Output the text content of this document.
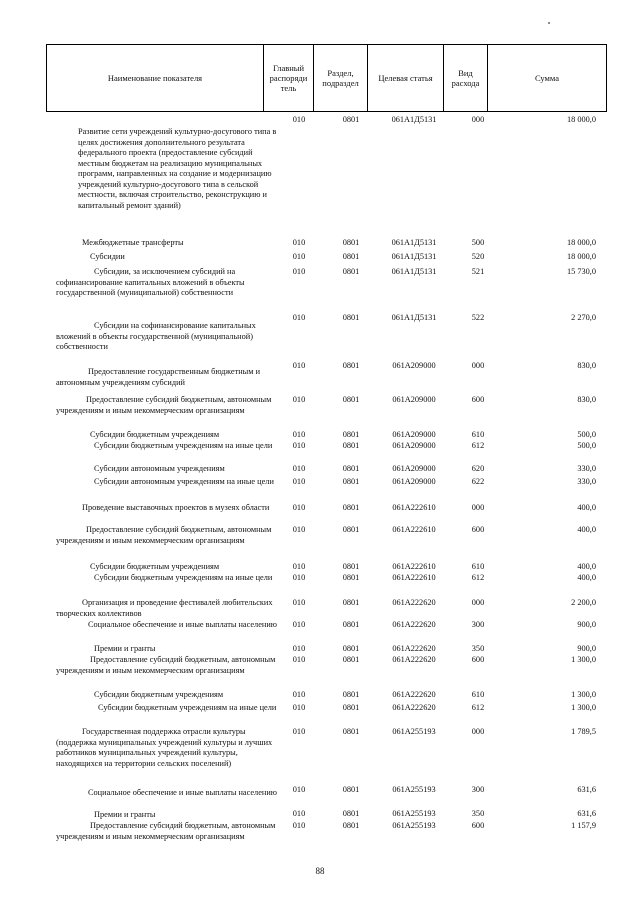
Наименование показателя	Главный распоряди тель	Раздел, подраздел	Целевая статья	Вид расхода	Сумма
Развитие сети учреждений культурно-досугового типа в целях достижения дополнительного результата федерального проекта (предоставление субсидий местным бюджетам на реализацию муниципальных программ, направленных на создание и модернизацию учреждений культурно-досугового типа в сельской местности, включая строительство, реконструкцию и капитальный ремонт зданий)
010	0801	061А1Д5131	000	18 000,0
Межбюджетные трансферты	010	0801	061А1Д5131	500	18 000,0
Субсидии	010	0801	061А1Д5131	520	18 000,0
Субсидии, за исключением субсидий на софинансирование капитальных вложений в объекты государственной (муниципальной) собственности
010	0801	061А1Д5131	521	15 730,0
Субсидии на софинансирование капитальных вложений в объекты государственной (муниципальной) собственности
010	0801	061А1Д5131	522	2 270,0
Предоставление государственным бюджетным и автономным учреждениям субсидий
010	0801	061А209000	000	830,0
Предоставление субсидий бюджетным, автономным учреждениям и иным некоммерческим организациям
010	0801	061А209000	600	830,0
Субсидии бюджетным учреждениям	010	0801	061А209000	610	500,0
Субсидии бюджетным учреждениям на иные цели	010	0801	061А209000	612	500,0
Субсидии автономным учреждениям	010	0801	061А209000	620	330,0
Субсидии автономным учреждениям на иные цели	010	0801	061А209000	622	330,0
Проведение выставочных проектов в музеях области	010	0801	061А222610	000	400,0
Предоставление субсидий бюджетным, автономным учреждениям и иным некоммерческим организациям
010	0801	061А222610	600	400,0
Субсидии бюджетным учреждениям	010	0801	061А222610	610	400,0
Субсидии бюджетным учреждениям на иные цели	010	0801	061А222610	612	400,0
Организация и проведение фестивалей любительских творческих коллективов
010	0801	061А222620	000	2 200,0
Социальное обеспечение и иные выплаты населению	010	0801	061А222620	300	900,0
Премии и гранты	010	0801	061А222620	350	900,0
Предоставление субсидий бюджетным, автономным учреждениям и иным некоммерческим организациям
010	0801	061А222620	600	1 300,0
Субсидии бюджетным учреждениям	010	0801	061А222620	610	1 300,0
Субсидии бюджетным учреждениям на иные цели	010	0801	061А222620	612	1 300,0
Государственная поддержка отрасли культуры (поддержка муниципальных учреждений культуры и лучших работников муниципальных учреждений культуры, находящихся на территории сельских поселений)
010	0801	061А255193	000	1 789,5
Социальное обеспечение и иные выплаты населению	010	0801	061А255193	300	631,6
Премии и гранты	010	0801	061А255193	350	631,6
Предоставление субсидий бюджетным, автономным учреждениям и иным некоммерческим организациям
010	0801	061А255193	600	1 157,9
88
